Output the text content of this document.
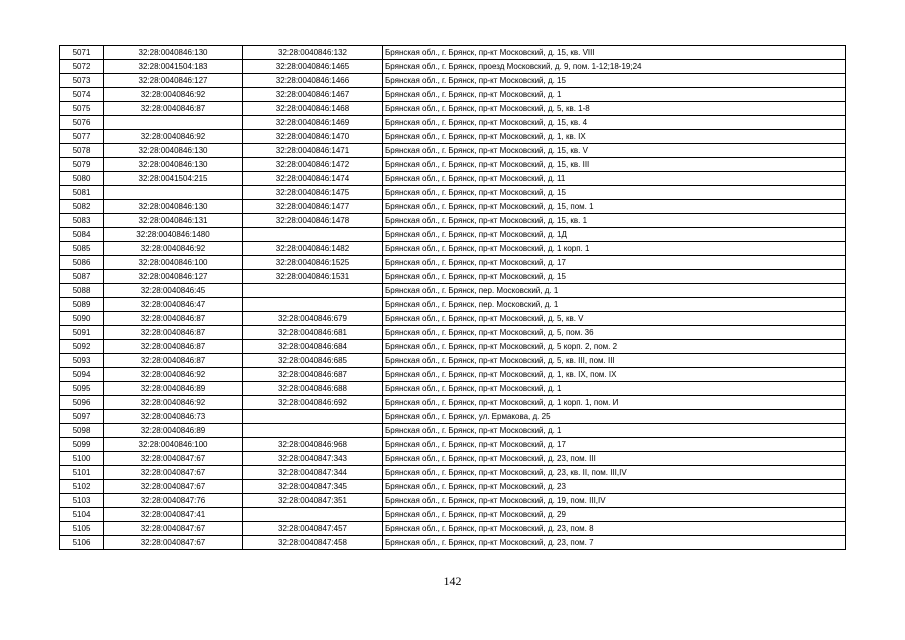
5071	32:28:0040846:130	32:28:0040846:132	Брянская обл., г. Брянск, пр-кт Московский, д. 15, кв. VIII
5072	32:28:0041504:183	32:28:0040846:1465	Брянская обл., г. Брянск, проезд Московский, д. 9, пом. 1-12;18-19;24
5073	32:28:0040846:127	32:28:0040846:1466	Брянская обл., г. Брянск, пр-кт Московский, д. 15
5074	32:28:0040846:92	32:28:0040846:1467	Брянская обл., г. Брянск, пр-кт Московский, д. 1
5075	32:28:0040846:87	32:28:0040846:1468	Брянская обл., г. Брянск, пр-кт Московский, д. 5, кв. 1-8
5076		32:28:0040846:1469	Брянская обл., г. Брянск, пр-кт Московский, д. 15, кв. 4
5077	32:28:0040846:92	32:28:0040846:1470	Брянская обл., г. Брянск, пр-кт Московский, д. 1, кв. IX
5078	32:28:0040846:130	32:28:0040846:1471	Брянская обл., г. Брянск, пр-кт Московский, д. 15, кв. V
5079	32:28:0040846:130	32:28:0040846:1472	Брянская обл., г. Брянск, пр-кт Московский, д. 15, кв. III
5080	32:28:0041504:215	32:28:0040846:1474	Брянская обл., г. Брянск, пр-кт Московский, д. 11
5081		32:28:0040846:1475	Брянская обл., г. Брянск, пр-кт Московский, д. 15
5082	32:28:0040846:130	32:28:0040846:1477	Брянская обл., г. Брянск, пр-кт Московский, д. 15, пом. 1
5083	32:28:0040846:131	32:28:0040846:1478	Брянская обл., г. Брянск, пр-кт Московский, д. 15, кв. 1
5084	32:28:0040846:1480		Брянская обл., г. Брянск, пр-кт Московский, д. 1Д
5085	32:28:0040846:92	32:28:0040846:1482	Брянская обл., г. Брянск, пр-кт Московский, д. 1 корп. 1
5086	32:28:0040846:100	32:28:0040846:1525	Брянская обл., г. Брянск, пр-кт Московский, д. 17
5087	32:28:0040846:127	32:28:0040846:1531	Брянская обл., г. Брянск, пр-кт Московский, д. 15
5088	32:28:0040846:45		Брянская обл., г. Брянск, пер. Московский, д. 1
5089	32:28:0040846:47		Брянская обл., г. Брянск, пер. Московский, д. 1
5090	32:28:0040846:87	32:28:0040846:679	Брянская обл., г. Брянск, пр-кт Московский, д. 5, кв. V
5091	32:28:0040846:87	32:28:0040846:681	Брянская обл., г. Брянск, пр-кт Московский, д. 5, пом. 36
5092	32:28:0040846:87	32:28:0040846:684	Брянская обл., г. Брянск, пр-кт Московский, д. 5 корп. 2, пом. 2
5093	32:28:0040846:87	32:28:0040846:685	Брянская обл., г. Брянск, пр-кт Московский, д. 5, кв. III, пом. III
5094	32:28:0040846:92	32:28:0040846:687	Брянская обл., г. Брянск, пр-кт Московский, д. 1, кв. IX, пом. IX
5095	32:28:0040846:89	32:28:0040846:688	Брянская обл., г. Брянск, пр-кт Московский, д. 1
5096	32:28:0040846:92	32:28:0040846:692	Брянская обл., г. Брянск, пр-кт Московский, д. 1 корп. 1, пом. И
5097	32:28:0040846:73		Брянская обл., г. Брянск, ул. Ермакова, д. 25
5098	32:28:0040846:89		Брянская обл., г. Брянск, пр-кт Московский, д. 1
5099	32:28:0040846:100	32:28:0040846:968	Брянская обл., г. Брянск, пр-кт Московский, д. 17
5100	32:28:0040847:67	32:28:0040847:343	Брянская обл., г. Брянск, пр-кт Московский, д. 23, пом. III
5101	32:28:0040847:67	32:28:0040847:344	Брянская обл., г. Брянск, пр-кт Московский, д. 23, кв. II, пом. III,IV
5102	32:28:0040847:67	32:28:0040847:345	Брянская обл., г. Брянск, пр-кт Московский, д. 23
5103	32:28:0040847:76	32:28:0040847:351	Брянская обл., г. Брянск, пр-кт Московский, д. 19, пом. III,IV
5104	32:28:0040847:41		Брянская обл., г. Брянск, пр-кт Московский, д. 29
5105	32:28:0040847:67	32:28:0040847:457	Брянская обл., г. Брянск, пр-кт Московский, д. 23, пом. 8
5106	32:28:0040847:67	32:28:0040847:458	Брянская обл., г. Брянск, пр-кт Московский, д. 23, пом. 7
142
